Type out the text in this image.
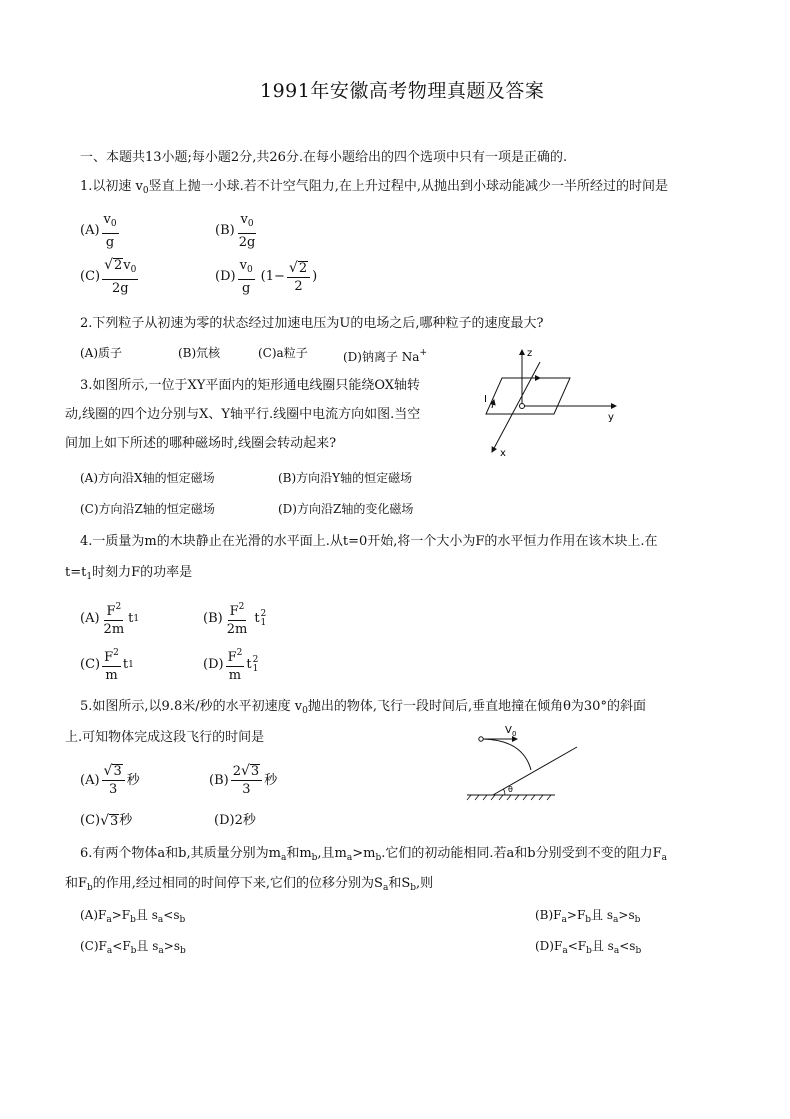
1991年安徽高考物理真题及答案
一、本题共13小题;每小题2分,共26分.在每小题给出的四个选项中只有一项是正确的.
1.以初速 $v_0$竖直上抛一小球.若不计空气阻力,在上升过程中,从抛出到小球动能减少一半所经过的时间是
$(A) \frac{v_0}{g}$	$(B) \frac{v_0}{2g}$
$(C) \frac{√ 2 v_0}{2g}$	$(D) \frac{v_0}{g} (1- \frac{√ 2}{2}$ )
2.下列粒子从初速为零的状态经过加速电压为U的电场之后,哪种粒子的速度最大?
(A)质子	(B)氘核	(C)a粒子	(D)钠离子 Na+
3.如图所示,一位于XY平面内的矩形通电线圈只能绕OX轴转
动,线圈的四个边分别与X、Y轴平行.线圈中电流方向如图.当空
间加上如下所述的哪种磁场时,线圈会转动起来?
(A)方向沿X轴的恒定磁场	(B)方向沿Y轴的恒定磁场
(C)方向沿Z轴的恒定磁场	(D)方向沿Z轴的变化磁场
z
y
x
I
4.一质量为m的木块静止在光滑的水平面上.从t=0开始,将一个大小为F的水平恒力作用在该木块上.在
$t=t_1$时刻力F的功率是
$(A) \frac{F^2}{2m}$ t 1	$(B) \frac{F^2}{2m}$ t 2
1
$(C) \frac{F^2}{m}$ t 1	$(D) \frac{F^2}{m}$ t 2
1
5.如图所示,以9.8米/秒的水平初速度 $v_0$抛出的物体,飞行一段时间后,垂直地撞在倾角θ为30°的斜面
上.可知物体完成这段飞行的时间是
$(A) \frac{√ 3}{3}$ 秒	$(B) \frac{2 √ 3}{3}$ 秒
(C) √ 3 秒	(D)2秒
V 0
θ
6.有两个物体a和b,其质量分别为$m_a$和$m_b$,且$m_a>m_b$.它们的初动能相同.若a和b分别受到不变的阻力$F_a$
和$F_b$的作用,经过相同的时间停下来,它们的位移分别为$S_a$和$S_b$,则
$(A)F_a>F_b$且 $s_a<s_b$	$(B)F_a>F_b$且 $s_a>s_b$
$(C)F_a<F_b$且 $s_a>s_b$	$(D)F_a<F_b$且 $s_a<s_b$
